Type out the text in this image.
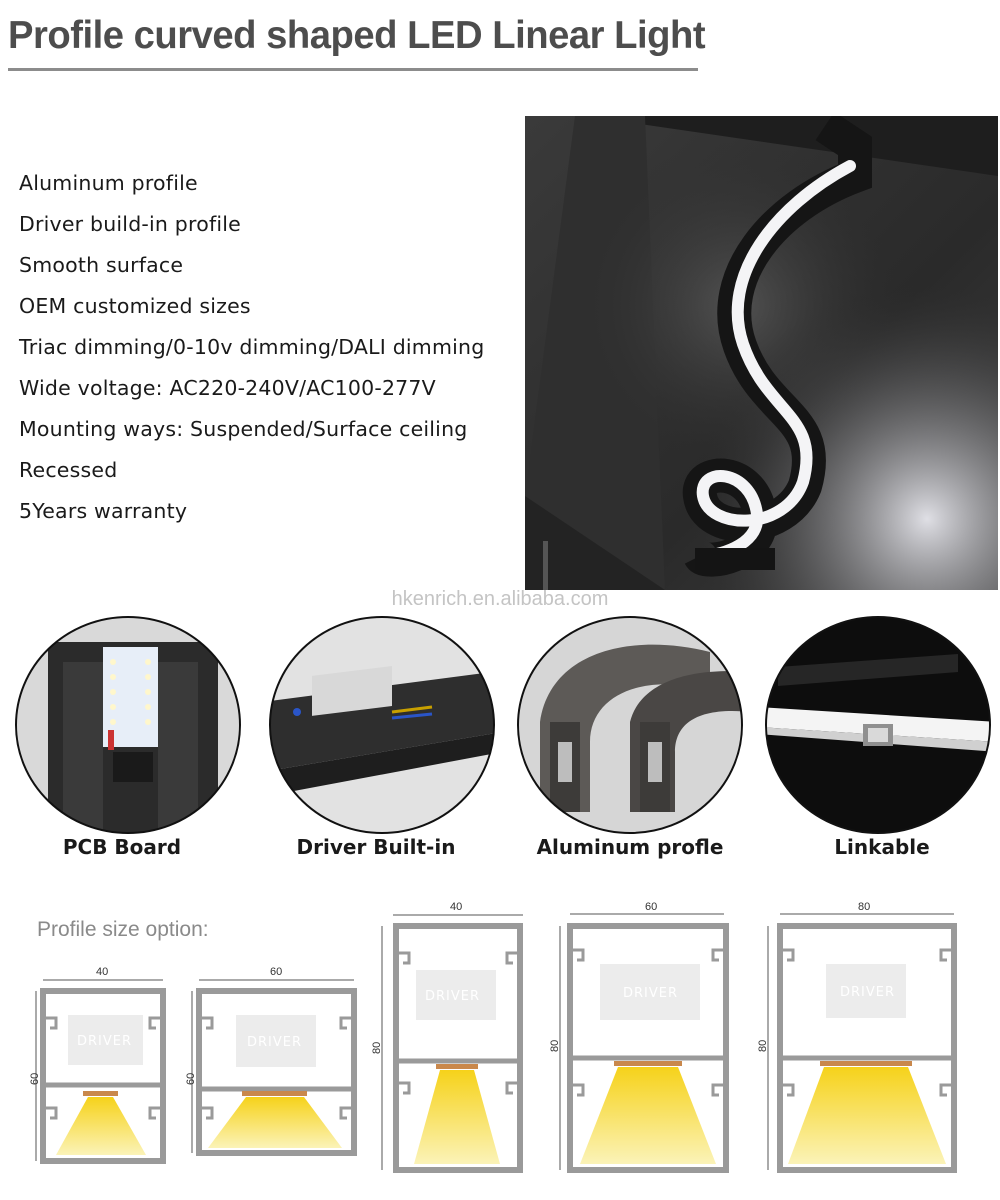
Profile curved shaped LED Linear Light
Aluminum profile
Driver build-in profile
Smooth surface
OEM customized sizes
Triac dimming/0-10v dimming/DALI dimming
Wide voltage: AC220-240V/AC100-277V
Mounting ways: Suspended/Surface ceiling
Recessed
5Years warranty
hkenrich.en.alibaba.com
PCB Board	Driver Built-in	Aluminum profle	Linkable
Profile size option:
40
60
DRIVER
60
60
DRIVER
40
80
DRIVER
60
80
DRIVER
80
80
DRIVER
